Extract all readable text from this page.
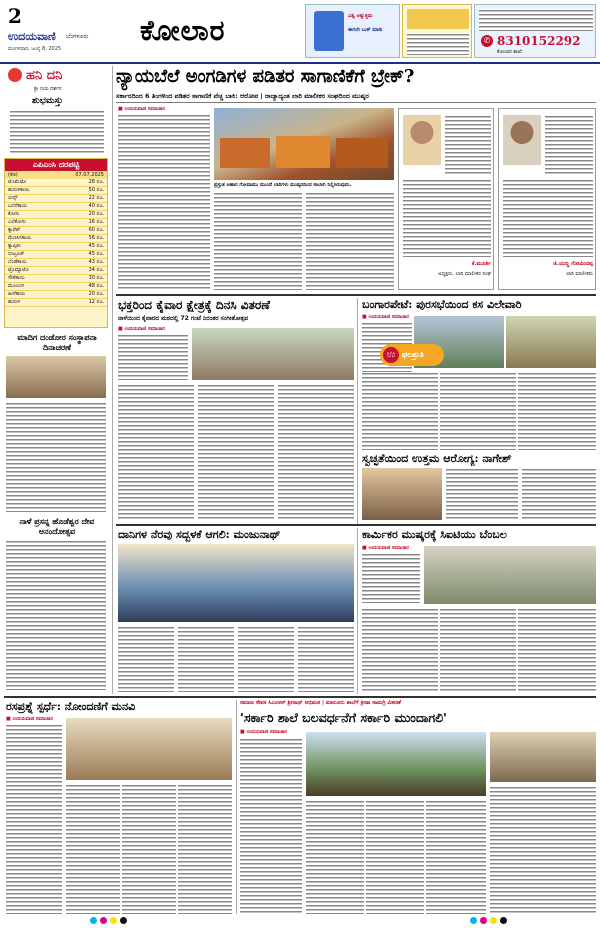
2
ಉದಯವಾಣಿ ಬೆಂಗಳೂರು
ಮಂಗಳವಾರ, ಜುಲೈ 8, 2025
ಕೋಲಾರ	ವಿಶ್ವ ಅತ್ಯುತ್ತಮ
ಈಗಲೇ ಬುಕ್ ಮಾಡಿ
✆ 8310152292
ಕೋಲಾರ ಶಾಖೆ
ಹನಿ ದನಿ
ಶ್ರೀ ಗುರು ದರ್ಶನ
ಶುಭಮಸ್ತು
ಎಪಿಎಂಸಿ ದರಪಟ್ಟಿ
(ಕೆಜಿ)	07.07.2025
ಟೊಮೆಟೊ	28 ರೂ.
ಹುರುಳಿಕಾಯಿ	50 ರೂ.
ಬೀನ್ಸ್	22 ರೂ.
ಬದನೆಕಾಯಿ	40 ರೂ.
ಕೋಸು	20 ರೂ.
ಎಲೆಕೋಸು	16 ರೂ.
ಕ್ಯಾರೆಟ್	60 ರೂ.
ಮೆಣಸಿನಕಾಯಿ	56 ರೂ.
ಕ್ಯಾಪ್ಸಿಕಂ	45 ರೂ.
ಬೀಟ್ರೂಟ್	45 ರೂ.
ಬೆಂಡೆಕಾಯಿ	43 ರೂ.
ಟ್ರೊಮ್ಯಾಟೊ	34 ರೂ.
ಸೌತೆಕಾಯಿ	30 ರೂ.
ಮೂಲಂಗಿ	48 ರೂ.
ಹೀರೆಕಾಯಿ	20 ರೂ.
ಹುರುಳಿ	12 ರೂ.
ಮಾದಿಗ ದಂಡೋರ ಸಂಸ್ಥಾಪನಾ ದಿನಾಚರಣೆ
ನಾಳೆ ಪ್ರಸನ್ನ ಹೊಡೆಶ್ವರ ದೇವ ಅನಂದೋತ್ಸವ
ನ್ಯಾಯಬೆಲೆ ಅಂಗಡಿಗಳ ಪಡಿತರ ಸಾಗಾಣಿಕೆಗೆ ಬ್ರೇಕ್?
ಸರ್ಕಾರದಿಂದ 6 ತಿಂಗಳಿಂದ ಪಡಿತರ ಸಾಗಾಣಿಕೆ ವೆಚ್ಚ ಬಾಕಿ: ಆರೋಪ | ರಾಜ್ಯಾದ್ಯಂತ ಲಾರಿ ಮಾಲೀಕರ ಸಂಘದಿಂದ ಮುಷ್ಕರ
■ ಉದಯವಾಣಿ ಸಮಾಚಾರ
ಪ್ರಸ್ತುತ ಆಹಾರ ಗೋದಾಮು ಮುಂದೆ ಲಾರಿಗಳು ಮುಷ್ಕರದಿಂದ ಸಾಲಾಗಿ ನಿಲ್ಲಿಸಿರುವುದು.
ಕೆ.ಮೂರ್ತಿ
ಅಧ್ಯಕ್ಷರು, ಲಾರಿ ಮಾಲೀಕರ ಸಂಘ
ಜಿ.ಯಣ್ಣ ಗೋವಿಂದಪ್ಪ
ಲಾರಿ ಮಾಲೀಕರು
ಭಕ್ತರಿಂದ ಕೈವಾರ ಕ್ಷೇತ್ರಕ್ಕೆ ದಿನಸಿ ವಿತರಣೆ
ನಾಳೆಯಿಂದ ಕೈವಾರದ ಮಠದಲ್ಲಿ 72 ಗಂಟೆ ನಿರಂತರ ಸಂಗೀತೋತ್ಸವ
■ ಉದಯವಾಣಿ ಸಮಾಚಾರ
ಬಂಗಾರಪೇಟೆ: ಪುರಸಭೆಯಿಂದ ಕಸ ವಿಲೇವಾರಿ
■ ಉದಯವಾಣಿ ಸಮಾಚಾರ
ಉ ಫಲಶ್ರುತಿ
ಸ್ವಚ್ಛತೆಯಿಂದ ಉತ್ತಮ ಆರೋಗ್ಯ: ನಾಗೇಶ್
ದಾನಿಗಳ ನೆರವು ಸದ್ಬಳಕೆ ಆಗಲಿ: ಮಂಜುನಾಥ್	ಕಾರ್ಮಿಕರ ಮುಷ್ಕರಕ್ಕೆ ಸಿಐಟಿಯು ಬೆಂಬಲ
■ ಉದಯವಾಣಿ ಸಮಾಚಾರ
ರಸಪ್ರಶ್ನೆ ಸ್ಪರ್ಧೆ: ನೋಂದಣಿಗೆ ಮನವಿ
■ ಉದಯವಾಣಿ ಸಮಾಚಾರ
ಸಮಾಜ ಸೇವಕ ಸಿಎಂಆರ್ ಶ್ರೀನಾಥ್ ಅಭಿಮತ | ಮಾಲೂರು ಶಾಲೆಗೆ ಕ್ರೀಡಾ ಸಾಮಗ್ರಿ ವಿತರಣೆ
'ಸರ್ಕಾರಿ ಶಾಲೆ ಬಲವರ್ಧನೆಗೆ ಸರ್ಕಾರಿ ಮುಂದಾಗಲಿ'
■ ಉದಯವಾಣಿ ಸಮಾಚಾರ
